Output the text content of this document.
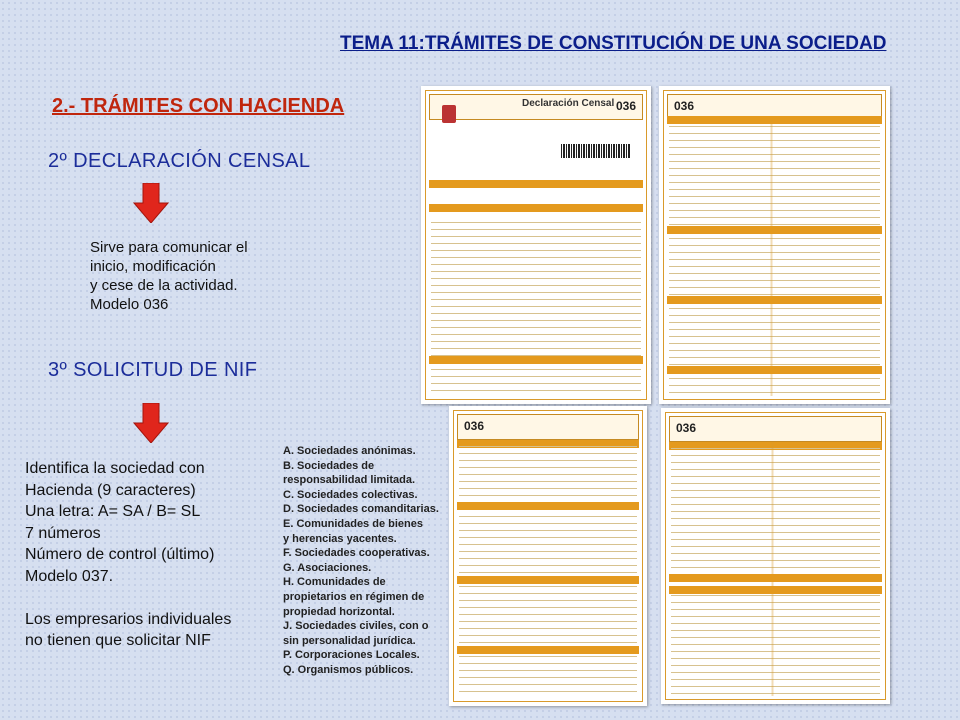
TEMA 11:TRÁMITES DE CONSTITUCIÓN DE UNA SOCIEDAD
2.- TRÁMITES CON HACIENDA
2º DECLARACIÓN CENSAL
Sirve para comunicar el
inicio, modificación
y cese de la actividad.
Modelo 036
3º SOLICITUD DE NIF
Identifica la sociedad con
Hacienda (9 caracteres)
Una letra: A= SA / B= SL
7 números
Número de control (último)
Modelo 037.

Los empresarios individuales
no tienen que solicitar NIF
A. Sociedades anónimas.
B. Sociedades de responsabilidad limitada.
C. Sociedades colectivas.
D. Sociedades comanditarias.
E. Comunidades de bienes
y herencias yacentes.
F. Sociedades cooperativas.
G. Asociaciones.
H. Comunidades de propietarios en régimen de propiedad horizontal.
J. Sociedades civiles, con o sin personalidad jurídica.
P. Corporaciones Locales.
Q. Organismos públicos.
Declaración Censal 036	036
036	036
